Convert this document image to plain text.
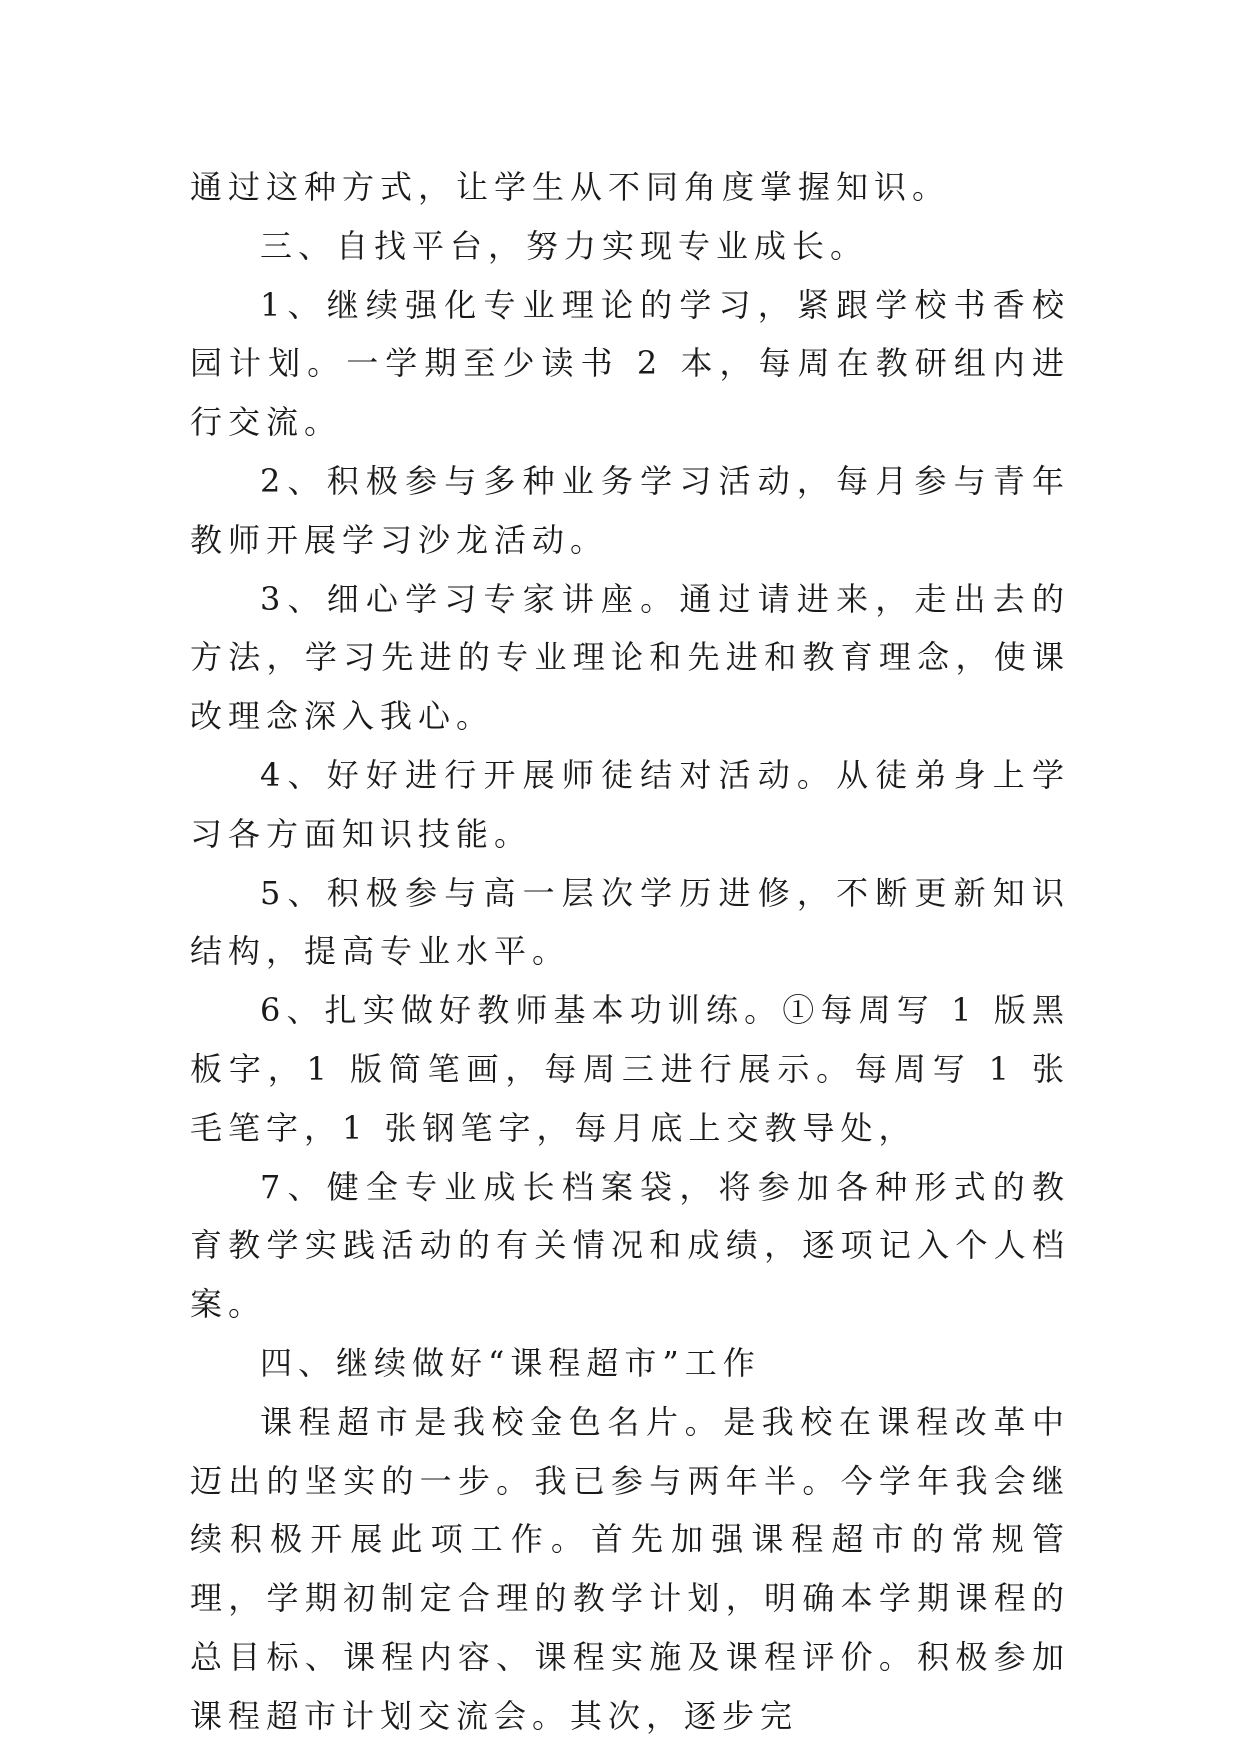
通过这种方式，让学生从不同角度掌握知识。

三、自找平台，努力实现专业成长。

1、继续强化专业理论的学习，紧跟学校书香校园计划。一学期至少读书 2 本，每周在教研组内进行交流。

2、积极参与多种业务学习活动，每月参与青年教师开展学习沙龙活动。

3、细心学习专家讲座。通过请进来，走出去的方法，学习先进的专业理论和先进和教育理念，使课改理念深入我心。

4、好好进行开展师徒结对活动。从徒弟身上学习各方面知识技能。

5、积极参与高一层次学历进修，不断更新知识结构，提高专业水平。

6、扎实做好教师基本功训练。①每周写 1 版黑板字，1 版简笔画，每周三进行展示。每周写 1 张毛笔字，1 张钢笔字，每月底上交教导处，

7、健全专业成长档案袋，将参加各种形式的教育教学实践活动的有关情况和成绩，逐项记入个人档案。

四、继续做好“课程超市”工作

课程超市是我校金色名片。是我校在课程改革中迈出的坚实的一步。我已参与两年半。今学年我会继续积极开展此项工作。首先加强课程超市的常规管理，学期初制定合理的教学计划，明确本学期课程的总目标、课程内容、课程实施及课程评价。积极参加课程超市计划交流会。其次，逐步完
